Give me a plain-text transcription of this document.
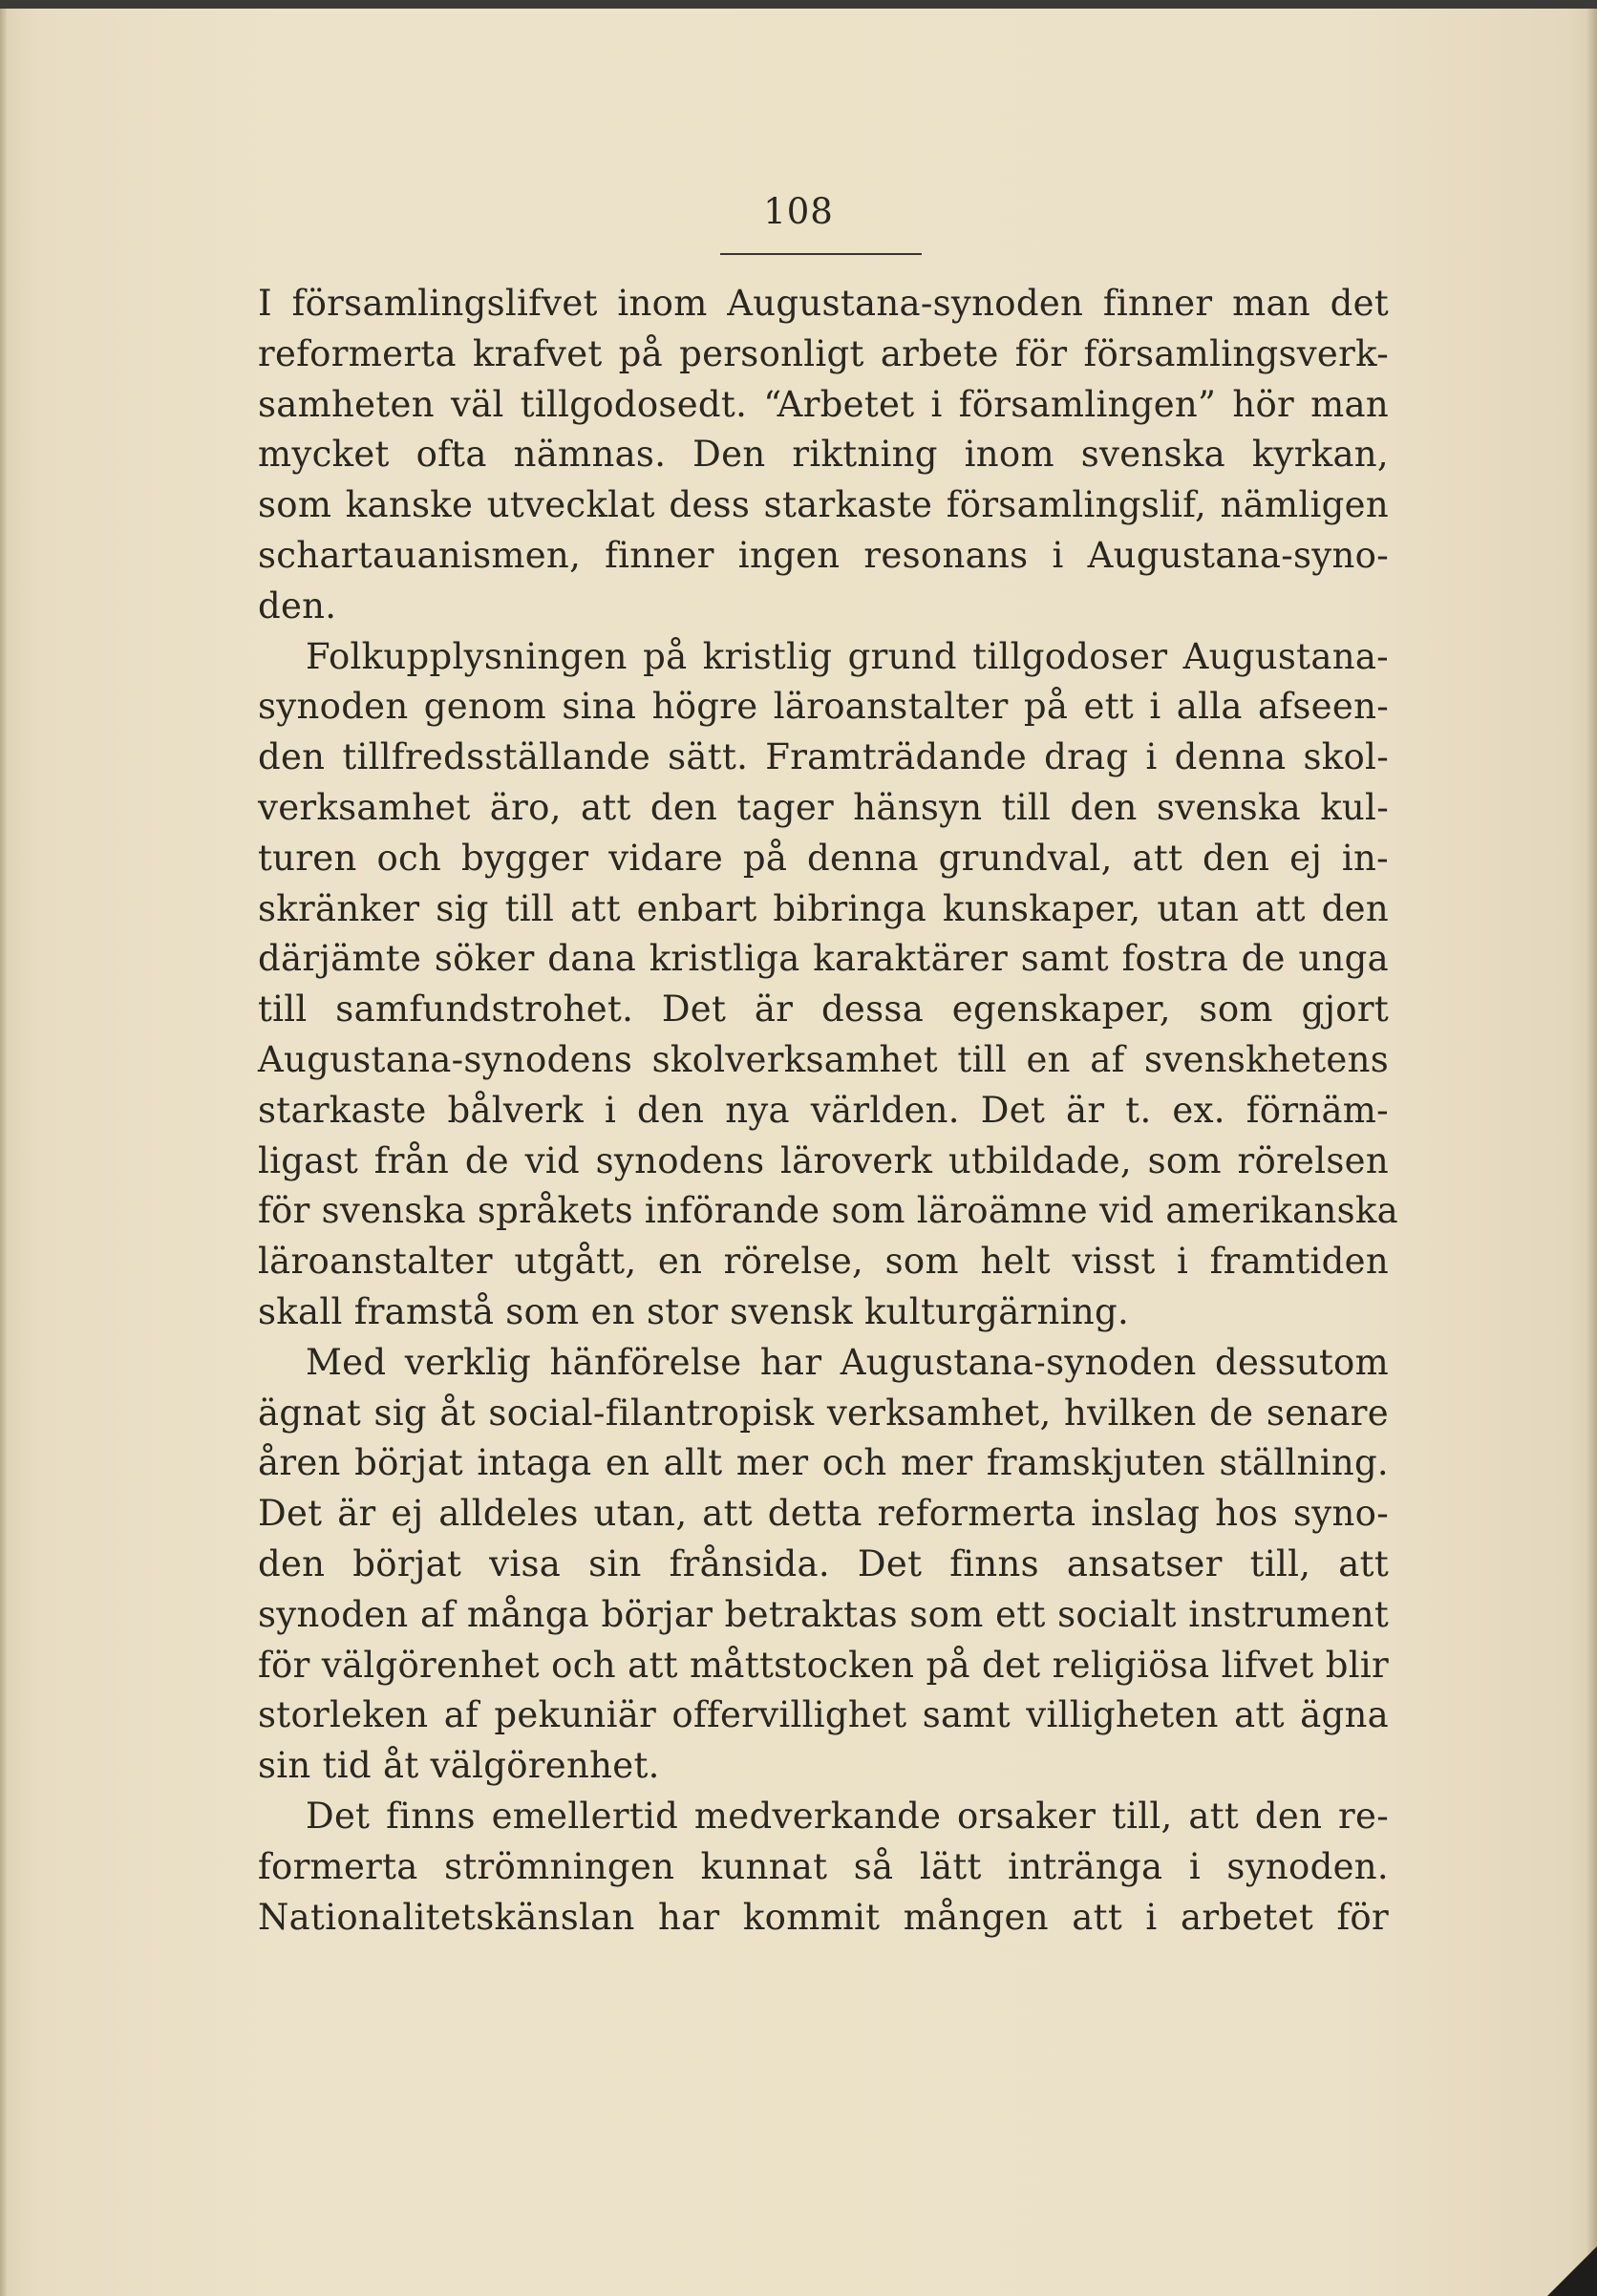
108
I församlingslifvet inom Augustana-synoden finner man det
reformerta krafvet på personligt arbete för församlingsverk-
samheten väl tillgodosedt. “Arbetet i församlingen” hör man
mycket ofta nämnas. Den riktning inom svenska kyrkan,
som kanske utvecklat dess starkaste församlingslif, nämligen
schartauanismen, finner ingen resonans i Augustana-syno-
den.
Folkupplysningen på kristlig grund tillgodoser Augustana-
synoden genom sina högre läroanstalter på ett i alla afseen-
den tillfredsställande sätt. Framträdande drag i denna skol-
verksamhet äro, att den tager hänsyn till den svenska kul-
turen och bygger vidare på denna grundval, att den ej in-
skränker sig till att enbart bibringa kunskaper, utan att den
därjämte söker dana kristliga karaktärer samt fostra de unga
till samfundstrohet. Det är dessa egenskaper, som gjort
Augustana-synodens skolverksamhet till en af svenskhetens
starkaste bålverk i den nya världen. Det är t. ex. förnäm-
ligast från de vid synodens läroverk utbildade, som rörelsen
för svenska språkets införande som läroämne vid amerikanska
läroanstalter utgått, en rörelse, som helt visst i framtiden
skall framstå som en stor svensk kulturgärning.
Med verklig hänförelse har Augustana-synoden dessutom
ägnat sig åt social-filantropisk verksamhet, hvilken de senare
åren börjat intaga en allt mer och mer framskjuten ställning.
Det är ej alldeles utan, att detta reformerta inslag hos syno-
den börjat visa sin frånsida. Det finns ansatser till, att
synoden af många börjar betraktas som ett socialt instrument
för välgörenhet och att måttstocken på det religiösa lifvet blir
storleken af pekuniär offervillighet samt villigheten att ägna
sin tid åt välgörenhet.
Det finns emellertid medverkande orsaker till, att den re-
formerta strömningen kunnat så lätt inträngа i synoden.
Nationalitetskänslan har kommit mången att i arbetet för
